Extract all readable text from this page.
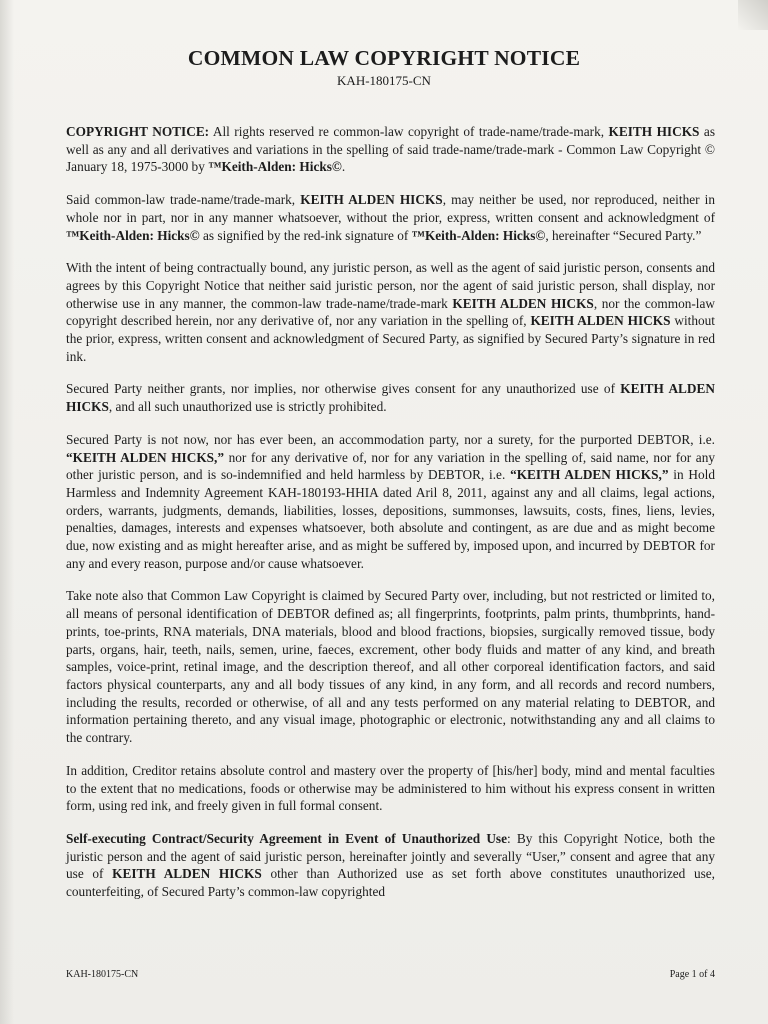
COMMON LAW COPYRIGHT NOTICE
KAH-180175-CN

COPYRIGHT NOTICE: All rights reserved re common-law copyright of trade-name/trade-mark, KEITH HICKS as well as any and all derivatives and variations in the spelling of said trade-name/trade-mark - Common Law Copyright © January 18, 1975-3000 by ™Keith-Alden: Hicks©.

Said common-law trade-name/trade-mark, KEITH ALDEN HICKS, may neither be used, nor reproduced, neither in whole nor in part, nor in any manner whatsoever, without the prior, express, written consent and acknowledgment of ™Keith-Alden: Hicks© as signified by the red-ink signature of ™Keith-Alden: Hicks©, hereinafter “Secured Party.”

With the intent of being contractually bound, any juristic person, as well as the agent of said juristic person, consents and agrees by this Copyright Notice that neither said juristic person, nor the agent of said juristic person, shall display, nor otherwise use in any manner, the common-law trade-name/trade-mark KEITH ALDEN HICKS, nor the common-law copyright described herein, nor any derivative of, nor any variation in the spelling of, KEITH ALDEN HICKS without the prior, express, written consent and acknowledgment of Secured Party, as signified by Secured Party’s signature in red ink.

Secured Party neither grants, nor implies, nor otherwise gives consent for any unauthorized use of KEITH ALDEN HICKS, and all such unauthorized use is strictly prohibited.

Secured Party is not now, nor has ever been, an accommodation party, nor a surety, for the purported DEBTOR, i.e. “KEITH ALDEN HICKS,” nor for any derivative of, nor for any variation in the spelling of, said name, nor for any other juristic person, and is so-indemnified and held harmless by DEBTOR, i.e. “KEITH ALDEN HICKS,” in Hold Harmless and Indemnity Agreement KAH-180193-HHIA dated Aril 8, 2011, against any and all claims, legal actions, orders, warrants, judgments, demands, liabilities, losses, depositions, summonses, lawsuits, costs, fines, liens, levies, penalties, damages, interests and expenses whatsoever, both absolute and contingent, as are due and as might become due, now existing and as might hereafter arise, and as might be suffered by, imposed upon, and incurred by DEBTOR for any and every reason, purpose and/or cause whatsoever.

Take note also that Common Law Copyright is claimed by Secured Party over, including, but not restricted or limited to, all means of personal identification of DEBTOR defined as; all fingerprints, footprints, palm prints, thumbprints, hand-prints, toe-prints, RNA materials, DNA materials, blood and blood fractions, biopsies, surgically removed tissue, body parts, organs, hair, teeth, nails, semen, urine, faeces, excrement, other body fluids and matter of any kind, and breath samples, voice-print, retinal image, and the description thereof, and all other corporeal identification factors, and said factors physical counterparts, any and all body tissues of any kind, in any form, and all records and record numbers, including the results, recorded or otherwise, of all and any tests performed on any material relating to DEBTOR, and information pertaining thereto, and any visual image, photographic or electronic, notwithstanding any and all claims to the contrary.

In addition, Creditor retains absolute control and mastery over the property of [his/her] body, mind and mental faculties to the extent that no medications, foods or otherwise may be administered to him without his express consent in written form, using red ink, and freely given in full formal consent.

Self-executing Contract/Security Agreement in Event of Unauthorized Use: By this Copyright Notice, both the juristic person and the agent of said juristic person, hereinafter jointly and severally “User,” consent and agree that any use of KEITH ALDEN HICKS other than Authorized use as set forth above constitutes unauthorized use, counterfeiting, of Secured Party’s common-law copyrighted

KAH-180175-CN	Page 1 of 4
